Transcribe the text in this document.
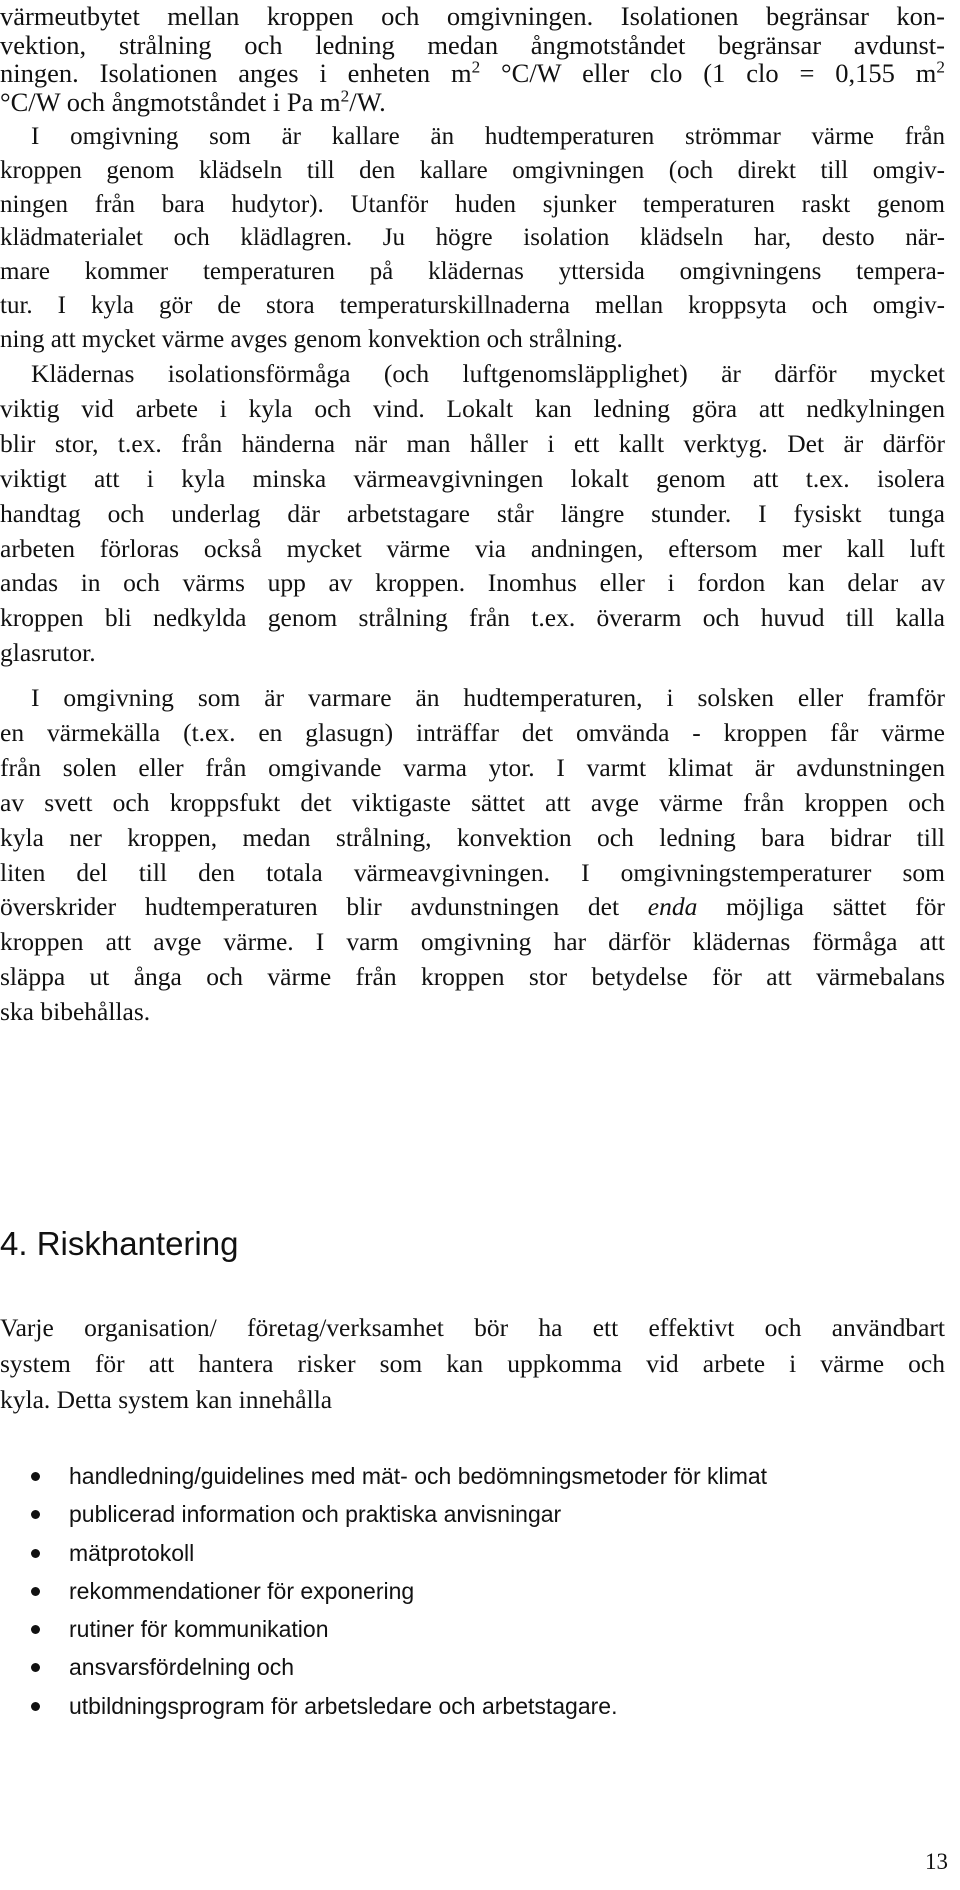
värmeutbytet mellan kroppen och omgivningen. Isolationen begränsar kon-
vektion, strålning och ledning medan ångmotståndet begränsar avdunst-
ningen. Isolationen anges i enheten $m^2$ °C/W eller clo (1 clo = 0,155 $m^2$
°C/W och ångmotståndet i Pa $m^2/W$.
I omgivning som är kallare än hudtemperaturen strömmar värme från
kroppen genom klädseln till den kallare omgivningen (och direkt till omgiv-
ningen från bara hudytor). Utanför huden sjunker temperaturen raskt genom
klädmaterialet och klädlagren. Ju högre isolation klädseln har, desto när-
mare kommer temperaturen på klädernas yttersida omgivningens tempera-
tur. I kyla gör de stora temperaturskillnaderna mellan kroppsyta och omgiv-
ning att mycket värme avges genom konvektion och strålning.
Klädernas isolationsförmåga (och luftgenomsläpplighet) är därför mycket
viktig vid arbete i kyla och vind. Lokalt kan ledning göra att nedkylningen
blir stor, t.ex. från händerna när man håller i ett kallt verktyg. Det är därför
viktigt att i kyla minska värmeavgivningen lokalt genom att t.ex. isolera
handtag och underlag där arbetstagare står längre stunder. I fysiskt tunga
arbeten förloras också mycket värme via andningen, eftersom mer kall luft
andas in och värms upp av kroppen. Inomhus eller i fordon kan delar av
kroppen bli nedkylda genom strålning från t.ex. överarm och huvud till kalla
glasrutor.
I omgivning som är varmare än hudtemperaturen, i solsken eller framför
en värmekälla (t.ex. en glasugn) inträffar det omvända - kroppen får värme
från solen eller från omgivande varma ytor. I varmt klimat är avdunstningen
av svett och kroppsfukt det viktigaste sättet att avge värme från kroppen och
kyla ner kroppen, medan strålning, konvektion och ledning bara bidrar till
liten del till den totala värmeavgivningen. I omgivningstemperaturer som
överskrider hudtemperaturen blir avdunstningen det enda möjliga sättet för
kroppen att avge värme. I varm omgivning har därför klädernas förmåga att
släppa ut ånga och värme från kroppen stor betydelse för att värmebalans
ska bibehållas.
4. Riskhantering
Varje organisation/ företag/verksamhet bör ha ett effektivt och användbart
system för att hantera risker som kan uppkomma vid arbete i värme och
kyla. Detta system kan innehålla
handledning/guidelines med mät- och bedömningsmetoder för klimat
publicerad information och praktiska anvisningar
mätprotokoll
rekommendationer för exponering
rutiner för kommunikation
ansvarsfördelning och
utbildningsprogram för arbetsledare och arbetstagare.
13
